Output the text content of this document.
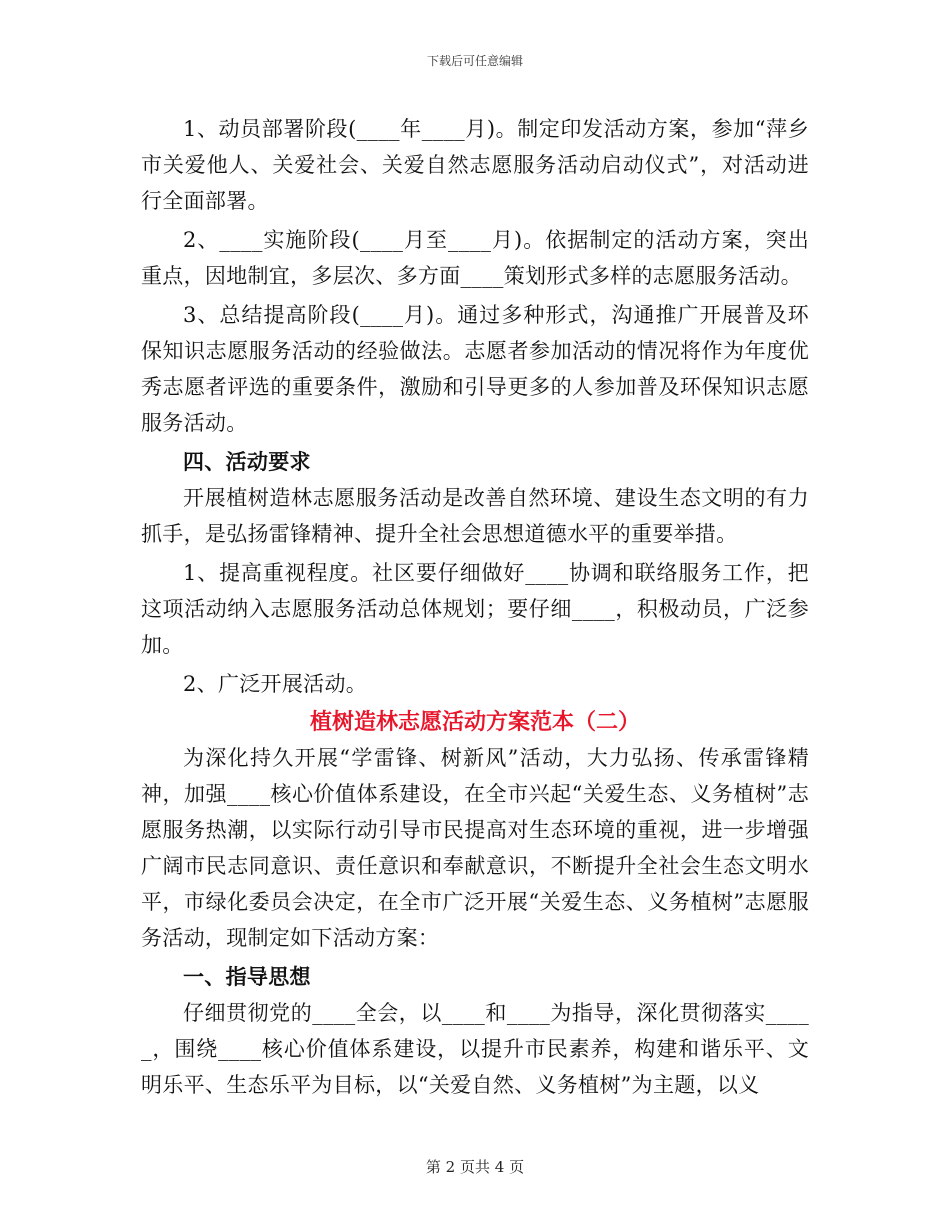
下载后可任意编辑

1、动员部署阶段(____年____月)。制定印发活动方案，参加“萍乡市关爱他人、关爱社会、关爱自然志愿服务活动启动仪式”，对活动进行全面部署。

2、____实施阶段(____月至____月)。依据制定的活动方案，突出重点，因地制宜，多层次、多方面____策划形式多样的志愿服务活动。

3、总结提高阶段(____月)。通过多种形式，沟通推广开展普及环保知识志愿服务活动的经验做法。志愿者参加活动的情况将作为年度优秀志愿者评选的重要条件，激励和引导更多的人参加普及环保知识志愿服务活动。

四、活动要求

开展植树造林志愿服务活动是改善自然环境、建设生态文明的有力抓手，是弘扬雷锋精神、提升全社会思想道德水平的重要举措。

1、提高重视程度。社区要仔细做好____协调和联络服务工作，把这项活动纳入志愿服务活动总体规划；要仔细____，积极动员，广泛参加。

2、广泛开展活动。

植树造林志愿活动方案范本（二）

为深化持久开展“学雷锋、树新风”活动，大力弘扬、传承雷锋精神，加强____核心价值体系建设，在全市兴起“关爱生态、义务植树”志愿服务热潮，以实际行动引导市民提高对生态环境的重视，进一步增强广阔市民志同意识、责任意识和奉献意识，不断提升全社会生态文明水平，市绿化委员会决定，在全市广泛开展“关爱生态、义务植树”志愿服务活动，现制定如下活动方案：

一、指导思想

仔细贯彻党的____全会，以____和____为指导，深化贯彻落实_____，围绕____核心价值体系建设，以提升市民素养，构建和谐乐平、文明乐平、生态乐平为目标，以“关爱自然、义务植树”为主题，以义

第 2 页共 4 页
